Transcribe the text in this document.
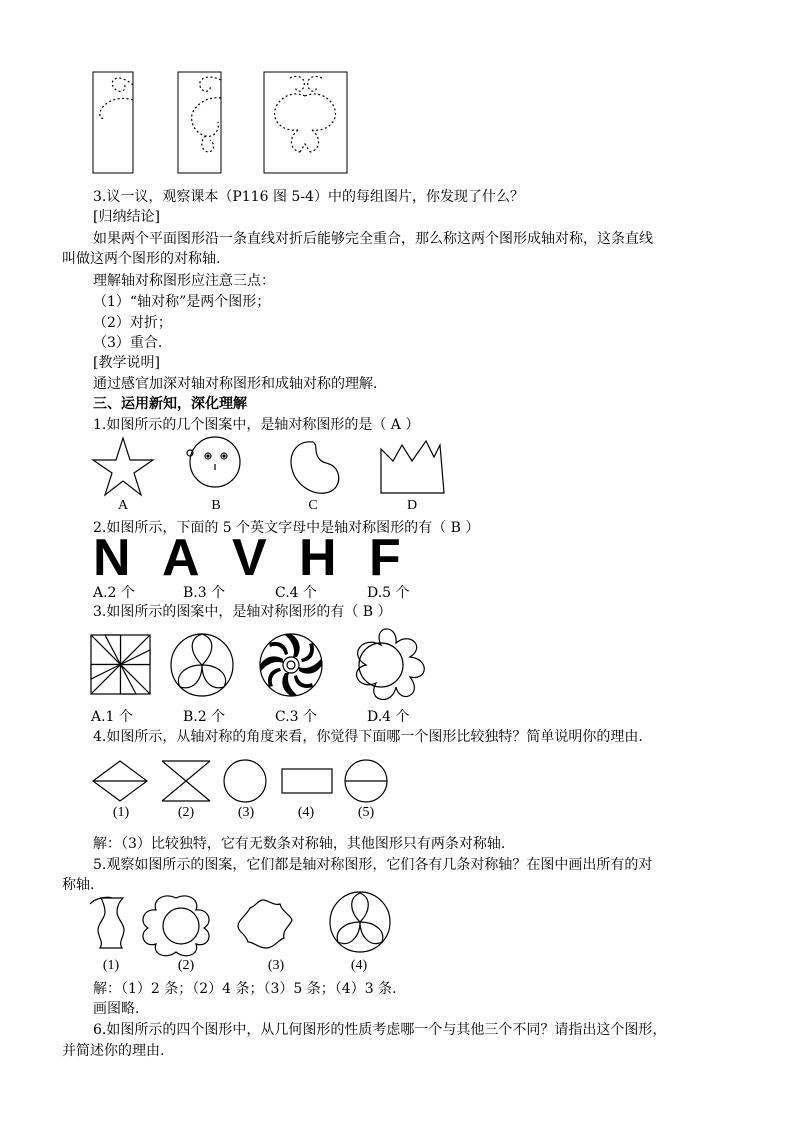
3.议一议，观察课本（P116 图 5-4）中的每组图片，你发现了什么？
[归纳结论]
如果两个平面图形沿一条直线对折后能够完全重合，那么称这两个图形成轴对称，这条直线
叫做这两个图形的对称轴.
理解轴对称图形应注意三点：
（1）“轴对称”是两个图形；
（2）对折；
（3）重合.
[教学说明]
通过感官加深对轴对称图形和成轴对称的理解.
三、运用新知，深化理解
1.如图所示的几个图案中，是轴对称图形的是（ A ）
A	B	C	D
2.如图所示，下面的 5 个英文字母中是轴对称图形的有（ B ）
N A V H F
A.2 个	B.3 个	C.4 个	D.5 个
3.如图所示的图案中，是轴对称图形的有（ B ）
A.1 个	B.2 个	C.3 个	D.4 个
4.如图所示，从轴对称的角度来看，你觉得下面哪一个图形比较独特？简单说明你的理由.
(1)	(2)	(3)	(4)	(5)
解：（3）比较独特，它有无数条对称轴，其他图形只有两条对称轴.
5.观察如图所示的图案，它们都是轴对称图形，它们各有几条对称轴？在图中画出所有的对
称轴.
(1)	(2)	(3)	(4)
解：（1）2 条；（2）4 条；（3）5 条；（4）3 条.
画图略.
6.如图所示的四个图形中，从几何图形的性质考虑哪一个与其他三个不同？请指出这个图形，
并简述你的理由.
